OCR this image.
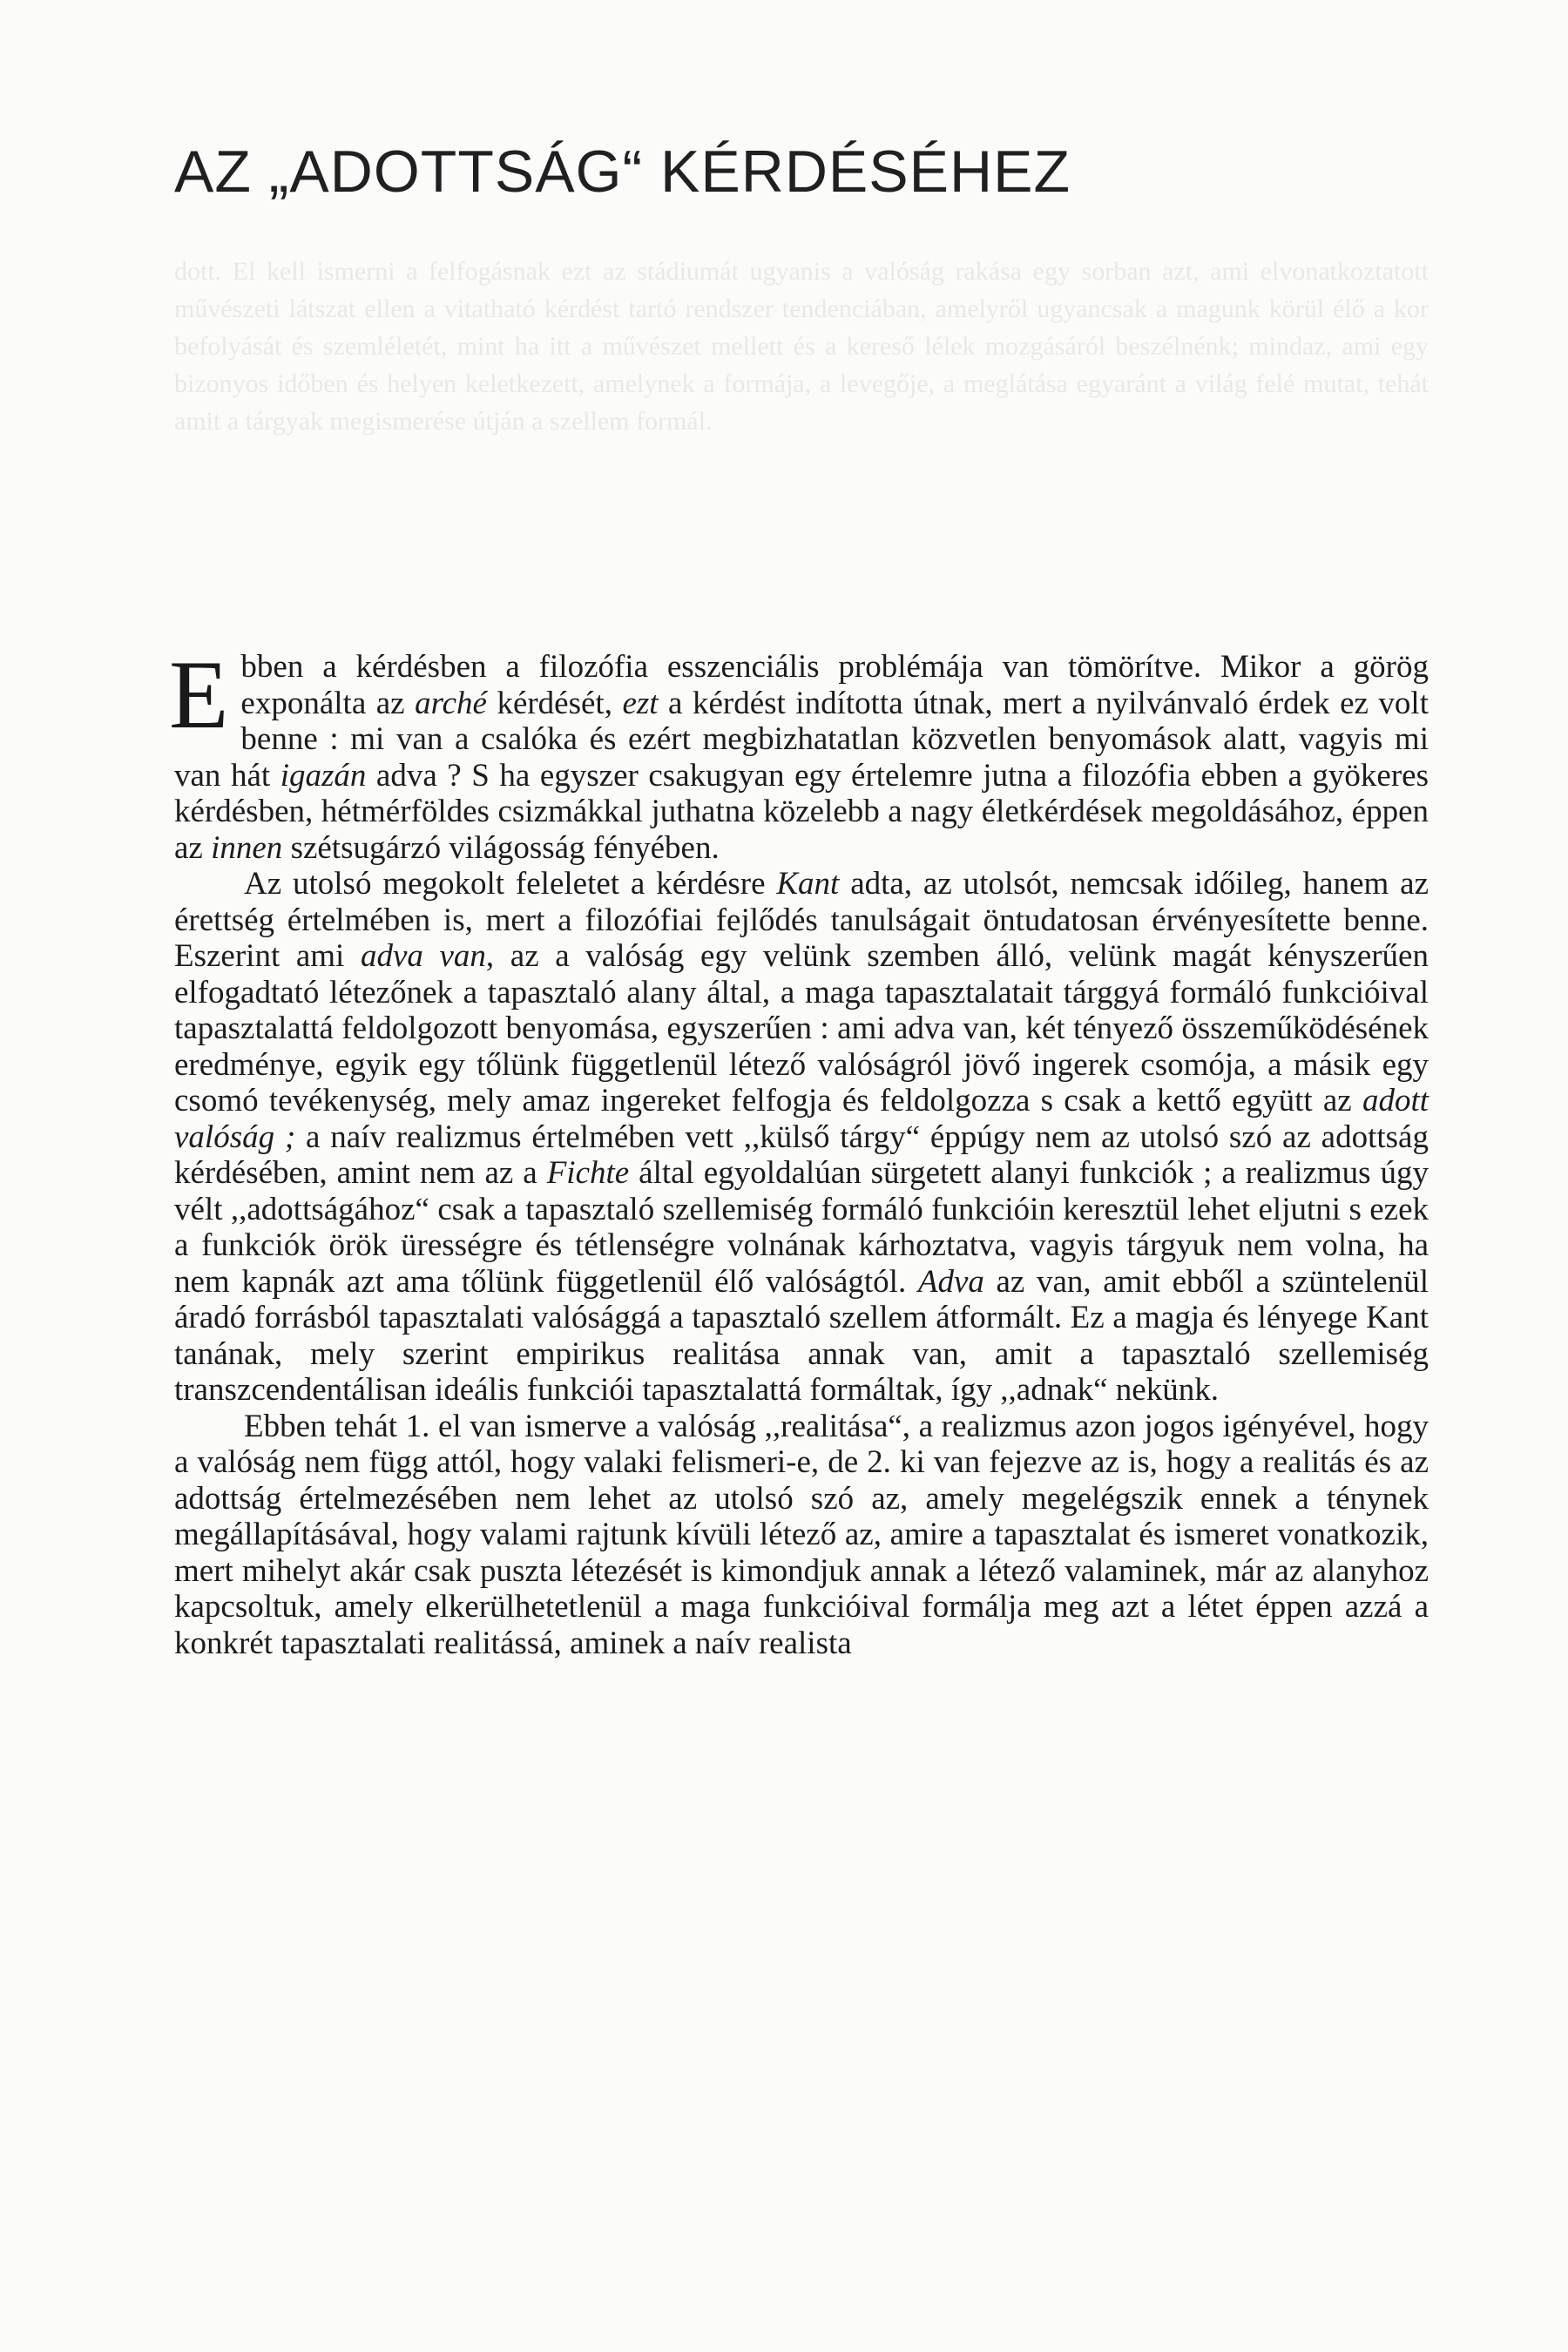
AZ „ADOTTSÁG“ KÉRDÉSÉHEZ

dott. El kell ismerni a felfogásnak ezt az stádiumát ugyanis a valóság rakása egy sorban azt, ami elvonatkoztatott művészeti látszat ellen a vitatható kérdést tartó rendszer tendenciában, amelyről ugyancsak a magunk körül élő a kor befolyását és szemléletét, mint ha itt a művészet mellett és a kereső lélek mozgásáról beszélnénk; mindaz, ami egy bizonyos időben és helyen keletkezett, amelynek a formája, a levegője, a meglátása egyaránt a világ felé mutat, tehát amit a tárgyak megismerése útján a szellem formál.

Ebben a kérdésben a filozófia esszenciális problémája van tömörítve. Mikor a görög exponálta az arché kérdését, ezt a kérdést indította útnak, mert a nyilvánvaló érdek ez volt benne : mi van a csalóka és ezért megbizhatatlan közvetlen benyomások alatt, vagyis mi van hát igazán adva ? S ha egyszer csakugyan egy értelemre jutna a filozófia ebben a gyökeres kérdésben, hétmérföldes csizmákkal juthatna közelebb a nagy életkérdések megoldásához, éppen az innen szétsugárzó világosság fényében.

Az utolsó megokolt feleletet a kérdésre Kant adta, az utolsót, nemcsak időileg, hanem az érettség értelmében is, mert a filozófiai fejlődés tanulságait öntudatosan érvényesítette benne. Eszerint ami adva van, az a valóság egy velünk szemben álló, velünk magát kényszerűen elfogadtató létezőnek a tapasztaló alany által, a maga tapasztalatait tárggyá formáló funkcióival tapasztalattá feldolgozott benyomása, egyszerűen : ami adva van, két tényező összeműködésének eredménye, egyik egy tőlünk függetlenül létező valóságról jövő ingerek csomója, a másik egy csomó tevékenység, mely amaz ingereket felfogja és feldolgozza s csak a kettő együtt az adott valóság ; a naív realizmus értelmében vett ,,külső tárgy“ éppúgy nem az utolsó szó az adottság kérdésében, amint nem az a Fichte által egyoldalúan sürgetett alanyi funkciók ; a realizmus úgy vélt ,,adottságához“ csak a tapasztaló szellemiség formáló funkcióin keresztül lehet eljutni s ezek a funkciók örök ürességre és tétlenségre volnának kárhoztatva, vagyis tárgyuk nem volna, ha nem kapnák azt ama tőlünk függetlenül élő valóságtól. Adva az van, amit ebből a szüntelenül áradó forrásból tapasztalati valósággá a tapasztaló szellem átformált. Ez a magja és lényege Kant tanának, mely szerint empirikus realitása annak van, amit a tapasztaló szellemiség transzcendentálisan ideális funkciói tapasztalattá formáltak, így ,,adnak“ nekünk.

Ebben tehát 1. el van ismerve a valóság ,,realitása“, a realizmus azon jogos igényével, hogy a valóság nem függ attól, hogy valaki felismeri-e, de 2. ki van fejezve az is, hogy a realitás és az adottság értelmezésében nem lehet az utolsó szó az, amely megelégszik ennek a ténynek megállapításával, hogy valami rajtunk kívüli létező az, amire a tapasztalat és ismeret vonatkozik, mert mihelyt akár csak puszta létezését is kimondjuk annak a létező valaminek, már az alanyhoz kapcsoltuk, amely elkerülhetetlenül a maga funkcióival formálja meg azt a létet éppen azzá a konkrét tapasztalati realitássá, aminek a naív realista
